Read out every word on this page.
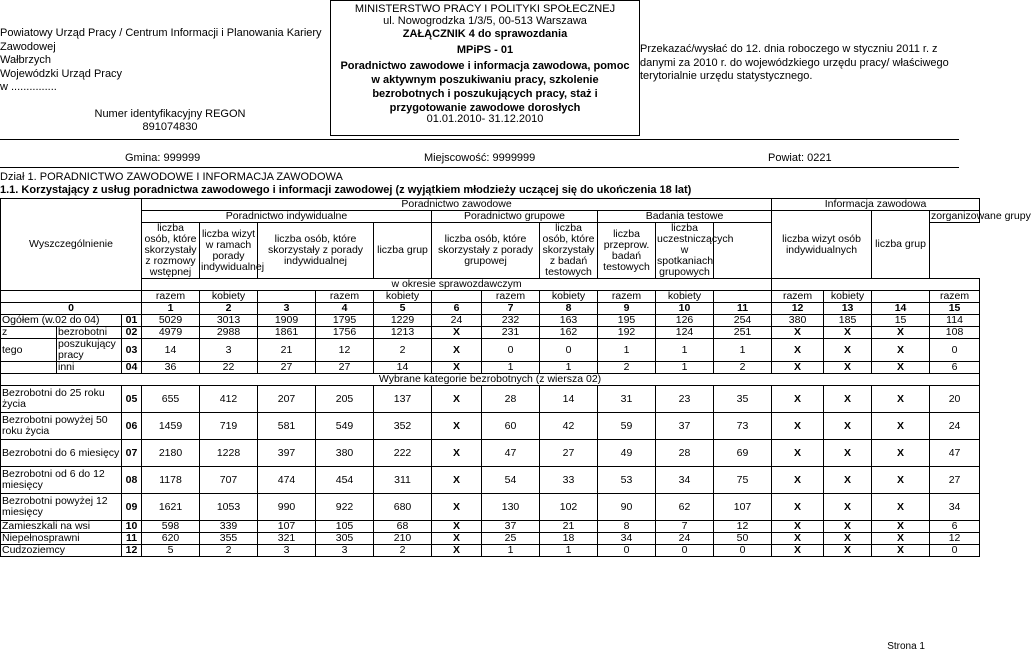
Powiatowy Urząd Pracy / Centrum Informacji i Planowania Kariery
Zawodowej
Wałbrzych
Wojewódzki Urząd Pracy
w ...............
Numer identyfikacyjny REGON
891074830
MINISTERSTWO PRACY I POLITYKI SPOŁECZNEJ
ul. Nowogrodzka 1/3/5, 00-513 Warszawa
ZAŁĄCZNIK 4 do sprawozdania
MPiPS - 01
Poradnictwo zawodowe i informacja zawodowa, pomoc w aktywnym poszukiwaniu pracy, szkolenie bezrobotnych i poszukujących pracy, staż i przygotowanie zawodowe dorosłych
01.01.2010- 31.12.2010
Przekazać/wysłać do 12. dnia roboczego w styczniu 2011 r. z danymi za 2010 r. do wojewódzkiego urzędu pracy/ właściwego terytorialnie urzędu statystycznego.
Gmina: 999999	Miejscowość: 9999999	Powiat: 0221
Dział 1. PORADNICTWO ZAWODOWE I INFORMACJA ZAWODOWA
1.1. Korzystający z usług poradnictwa zawodowego i informacji zawodowej (z wyjątkiem młodzieży uczącej się do ukończenia 18 lat)
Wyszczególnienie			Poradnictwo zawodowe											Informacja zawodowa				
			Poradnictwo indywidualne					Poradnictwo grupowe			Badania testowe			liczba wizyt osób indywidualnych		liczba grup	zorganizowane grupy	
			liczba osób, które skorzystały z rozmowy wstępnej	liczba wizyt w ramach porady indywidualnej	liczba osób, które skorzystały z porady indywidualnej		liczba grup	liczba osób, które skorzystały z porady grupowej		liczba osób, które skorzystały z badań testowych	liczba przeprow. badań testowych	liczba uczestniczących w spotkaniach grupowych						
			w okresie sprawozdawczym															
			razem	kobiety		razem	kobiety		razem	kobiety	razem	kobiety		razem	kobiety		razem	
0			1	2	3	4	5	6	7	8	9	10	11	12	13	14	15	
Ogółem (w.02 do 04)		01	5029	3013	1909	1795	1229	24	232	163	195	126	254	380	185	15	114	
z	bezrobotni	02	4979	2988	1861	1756	1213	X	231	162	192	124	251	X	X	X	108	
tego	poszukujący pracy	03	14	3	21	12	2	X	0	0	1	1	1	X	X	X	0	
	inni	04	36	22	27	27	14	X	1	1	2	1	2	X	X	X	6	
Wybrane kategorie bezrobotnych (z wiersza 02)																		
Bezrobotni do 25 roku życia		05	655	412	207	205	137	X	28	14	31	23	35	X	X	X	20	
Bezrobotni powyżej 50 roku życia		06	1459	719	581	549	352	X	60	42	59	37	73	X	X	X	24	
Bezrobotni do 6 miesięcy		07	2180	1228	397	380	222	X	47	27	49	28	69	X	X	X	47	
Bezrobotni od 6 do 12 miesięcy		08	1178	707	474	454	311	X	54	33	53	34	75	X	X	X	27	
Bezrobotni powyżej 12 miesięcy		09	1621	1053	990	922	680	X	130	102	90	62	107	X	X	X	34	
Zamieszkali na wsi		10	598	339	107	105	68	X	37	21	8	7	12	X	X	X	6	
Niepełnosprawni		11	620	355	321	305	210	X	25	18	34	24	50	X	X	X	12	
Cudzoziemcy		12	5	2	3	3	2	X	1	1	0	0	0	X	X	X	0	
Strona 1
